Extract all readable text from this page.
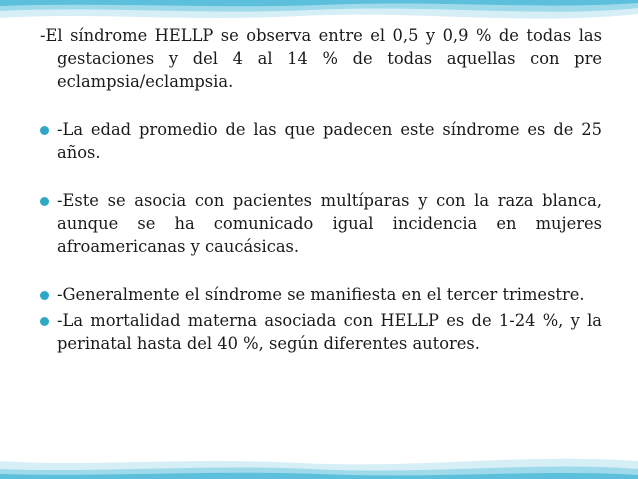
-El síndrome HELLP se observa entre el 0,5 y 0,9 % de todas las gestaciones y del 4 al 14 % de todas aquellas con pre eclampsia/eclampsia.

-La edad promedio de las que padecen este síndrome es de 25 años.

-Este se asocia con pacientes multíparas y con la raza blanca, aunque se ha comunicado igual incidencia en mujeres afroamericanas y caucásicas.

-Generalmente el síndrome se manifiesta en el tercer trimestre.

-La mortalidad materna asociada con HELLP es de 1-24 %, y la perinatal hasta del 40 %, según diferentes autores.
